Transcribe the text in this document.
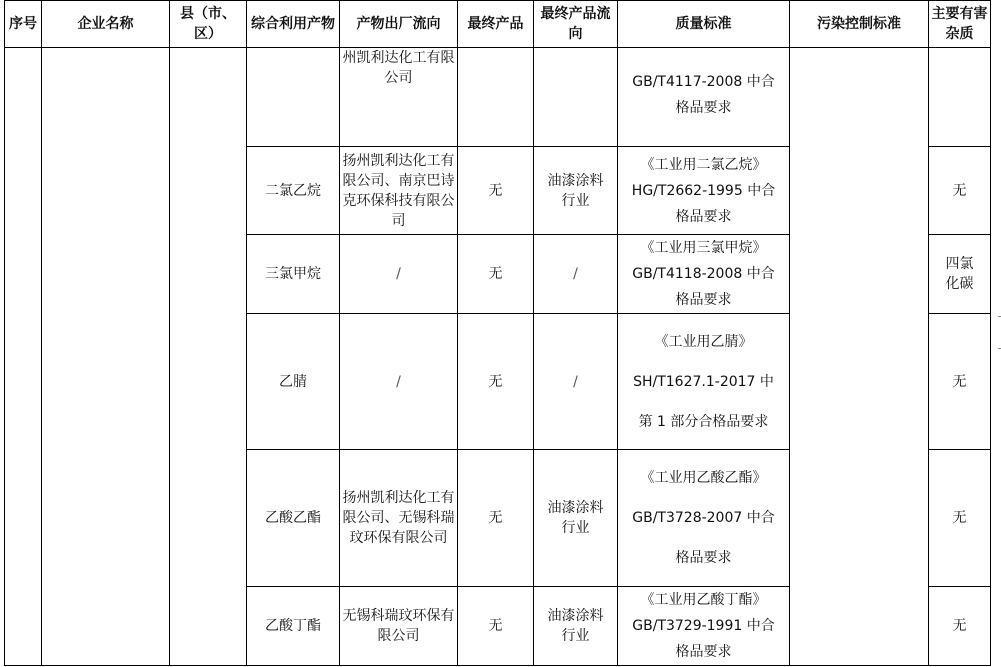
序号	企业名称	县（市、区）	综合利用产物	产物出厂流向	最终产品	最终产品流向	质量标准	污染控制标准	主要有害杂质
				州凯利达化工有限公司			GB/T4117-2008 中合
格品要求		

			二氯乙烷	扬州凯利达化工有限公司、南京巴诗克环保科技有限公司	无	油漆涂料行业	《工业用二氯乙烷》
HG/T2662-1995 中合
格品要求		无
			三氯甲烷	/	无	/	《工业用三氯甲烷》
GB/T4118-2008 中合
格品要求		四氯化碳
			乙腈	/	无	/	《工业用乙腈》
SH/T1627.1-2017 中
第 1 部分合格品要求		无
			乙酸乙酯	扬州凯利达化工有限公司、无锡科瑞玟环保有限公司	无	油漆涂料行业	《工业用乙酸乙酯》
GB/T3728-2007 中合
格品要求		无
			乙酸丁酯	无锡科瑞玟环保有限公司	无	油漆涂料行业	《工业用乙酸丁酯》
GB/T3729-1991 中合
格品要求		无
